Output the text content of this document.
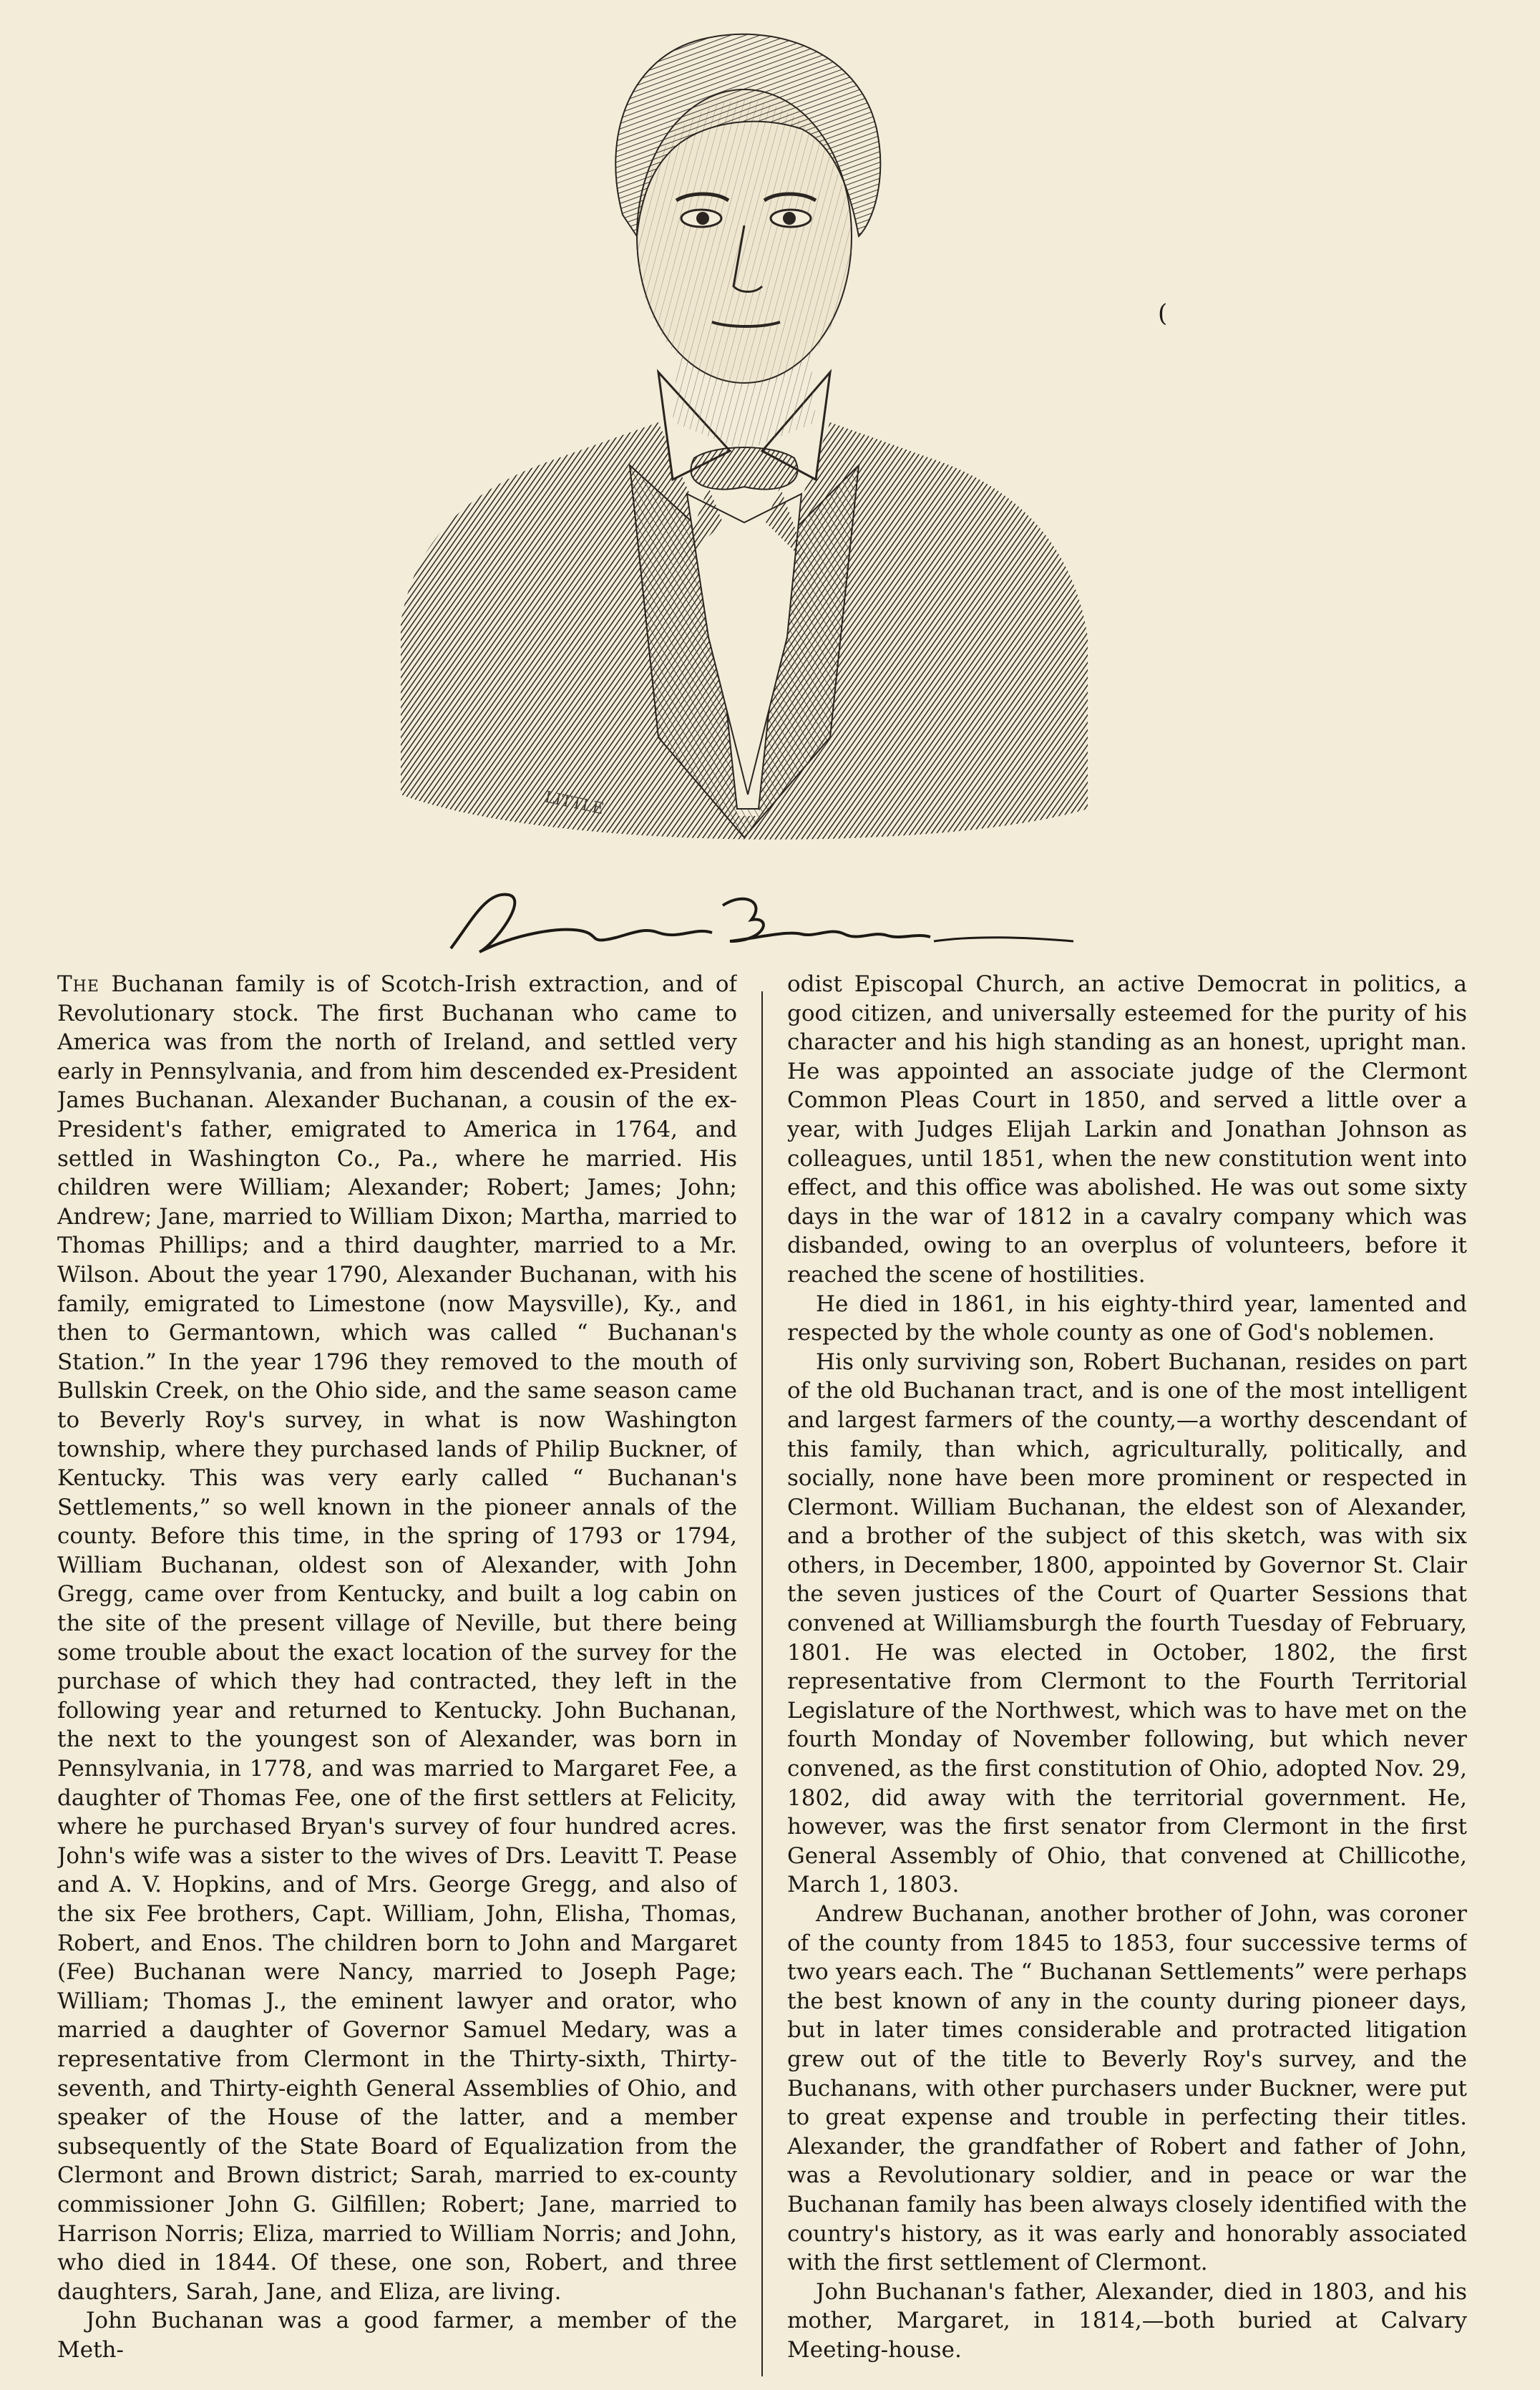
LITTLE
(

The Buchanan family is of Scotch-Irish extraction, and of Revolutionary stock. The first Buchanan who came to America was from the north of Ireland, and settled very early in Pennsylvania, and from him descended ex-President James Buchanan. Alexander Buchanan, a cousin of the ex-President's father, emigrated to America in 1764, and settled in Washington Co., Pa., where he married. His children were William; Alexander; Robert; James; John; Andrew; Jane, married to William Dixon; Martha, married to Thomas Phillips; and a third daughter, married to a Mr. Wilson. About the year 1790, Alexander Buchanan, with his family, emigrated to Limestone (now Maysville), Ky., and then to Germantown, which was called “ Buchanan's Station.” In the year 1796 they removed to the mouth of Bullskin Creek, on the Ohio side, and the same season came to Beverly Roy's survey, in what is now Washington township, where they purchased lands of Philip Buckner, of Kentucky. This was very early called “ Buchanan's Settlements,” so well known in the pioneer annals of the county. Before this time, in the spring of 1793 or 1794, William Buchanan, oldest son of Alexander, with John Gregg, came over from Kentucky, and built a log cabin on the site of the present village of Neville, but there being some trouble about the exact location of the survey for the purchase of which they had contracted, they left in the following year and returned to Kentucky. John Buchanan, the next to the youngest son of Alexander, was born in Pennsylvania, in 1778, and was married to Margaret Fee, a daughter of Thomas Fee, one of the first settlers at Felicity, where he purchased Bryan's survey of four hundred acres. John's wife was a sister to the wives of Drs. Leavitt T. Pease and A. V. Hopkins, and of Mrs. George Gregg, and also of the six Fee brothers, Capt. William, John, Elisha, Thomas, Robert, and Enos. The children born to John and Margaret (Fee) Buchanan were Nancy, married to Joseph Page; William; Thomas J., the eminent lawyer and orator, who married a daughter of Governor Samuel Medary, was a representative from Clermont in the Thirty-sixth, Thirty-seventh, and Thirty-eighth General Assemblies of Ohio, and speaker of the House of the latter, and a member subsequently of the State Board of Equalization from the Clermont and Brown district; Sarah, married to ex-county commissioner John G. Gilfillen; Robert; Jane, married to Harrison Norris; Eliza, married to William Norris; and John, who died in 1844. Of these, one son, Robert, and three daughters, Sarah, Jane, and Eliza, are living.

John Buchanan was a good farmer, a member of the Meth-

odist Episcopal Church, an active Democrat in politics, a good citizen, and universally esteemed for the purity of his character and his high standing as an honest, upright man. He was appointed an associate judge of the Clermont Common Pleas Court in 1850, and served a little over a year, with Judges Elijah Larkin and Jonathan Johnson as colleagues, until 1851, when the new constitution went into effect, and this office was abolished. He was out some sixty days in the war of 1812 in a cavalry company which was disbanded, owing to an overplus of volunteers, before it reached the scene of hostilities.

He died in 1861, in his eighty-third year, lamented and respected by the whole county as one of God's noblemen.

His only surviving son, Robert Buchanan, resides on part of the old Buchanan tract, and is one of the most intelligent and largest farmers of the county,—a worthy descendant of this family, than which, agriculturally, politically, and socially, none have been more prominent or respected in Clermont. William Buchanan, the eldest son of Alexander, and a brother of the subject of this sketch, was with six others, in December, 1800, appointed by Governor St. Clair the seven justices of the Court of Quarter Sessions that convened at Williamsburgh the fourth Tuesday of February, 1801. He was elected in October, 1802, the first representative from Clermont to the Fourth Territorial Legislature of the Northwest, which was to have met on the fourth Monday of November following, but which never convened, as the first constitution of Ohio, adopted Nov. 29, 1802, did away with the territorial government. He, however, was the first senator from Clermont in the first General Assembly of Ohio, that convened at Chillicothe, March 1, 1803.

Andrew Buchanan, another brother of John, was coroner of the county from 1845 to 1853, four successive terms of two years each. The “ Buchanan Settlements” were perhaps the best known of any in the county during pioneer days, but in later times considerable and protracted litigation grew out of the title to Beverly Roy's survey, and the Buchanans, with other purchasers under Buckner, were put to great expense and trouble in perfecting their titles. Alexander, the grandfather of Robert and father of John, was a Revolutionary soldier, and in peace or war the Buchanan family has been always closely identified with the country's history, as it was early and honorably associated with the first settlement of Clermont.

John Buchanan's father, Alexander, died in 1803, and his mother, Margaret, in 1814,—both buried at Calvary Meeting-house.
